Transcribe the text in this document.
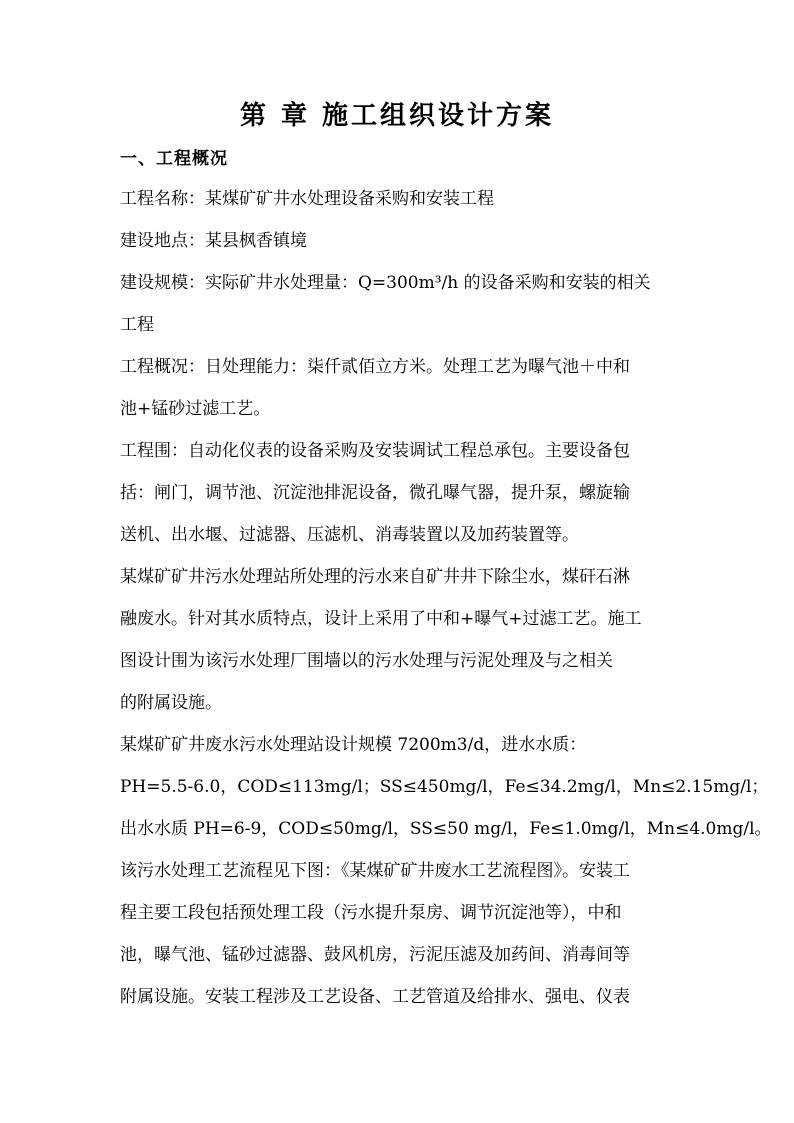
第 章 施工组织设计方案
一、工程概况
工程名称：某煤矿矿井水处理设备采购和安装工程
建设地点：某县枫香镇境
建设规模：实际矿井水处理量：Q=300m³/h 的设备采购和安装的相关
工程
工程概况：日处理能力：柒仟贰佰立方米。处理工艺为曝气池＋中和
池+锰砂过滤工艺。
工程围：自动化仪表的设备采购及安装调试工程总承包。主要设备包
括：闸门，调节池、沉淀池排泥设备，微孔曝气器，提升泵，螺旋输
送机、出水堰、过滤器、压滤机、消毒装置以及加药装置等。
某煤矿矿井污水处理站所处理的污水来自矿井井下除尘水，煤矸石淋
融废水。针对其水质特点，设计上采用了中和+曝气+过滤工艺。施工
图设计围为该污水处理厂围墙以的污水处理与污泥处理及与之相关
的附属设施。
某煤矿矿井废水污水处理站设计规模 7200m3/d，进水水质：
PH=5.5-6.0，COD≤113mg/l；SS≤450mg/l，Fe≤34.2mg/l，Mn≤2.15mg/l；
出水水质 PH=6-9，COD≤50mg/l，SS≤50 mg/l，Fe≤1.0mg/l，Mn≤4.0mg/l。
该污水处理工艺流程见下图：《某煤矿矿井废水工艺流程图》。安装工
程主要工段包括预处理工段（污水提升泵房、调节沉淀池等），中和
池，曝气池、锰砂过滤器、鼓风机房，污泥压滤及加药间、消毒间等
附属设施。安装工程涉及工艺设备、工艺管道及给排水、强电、仪表
